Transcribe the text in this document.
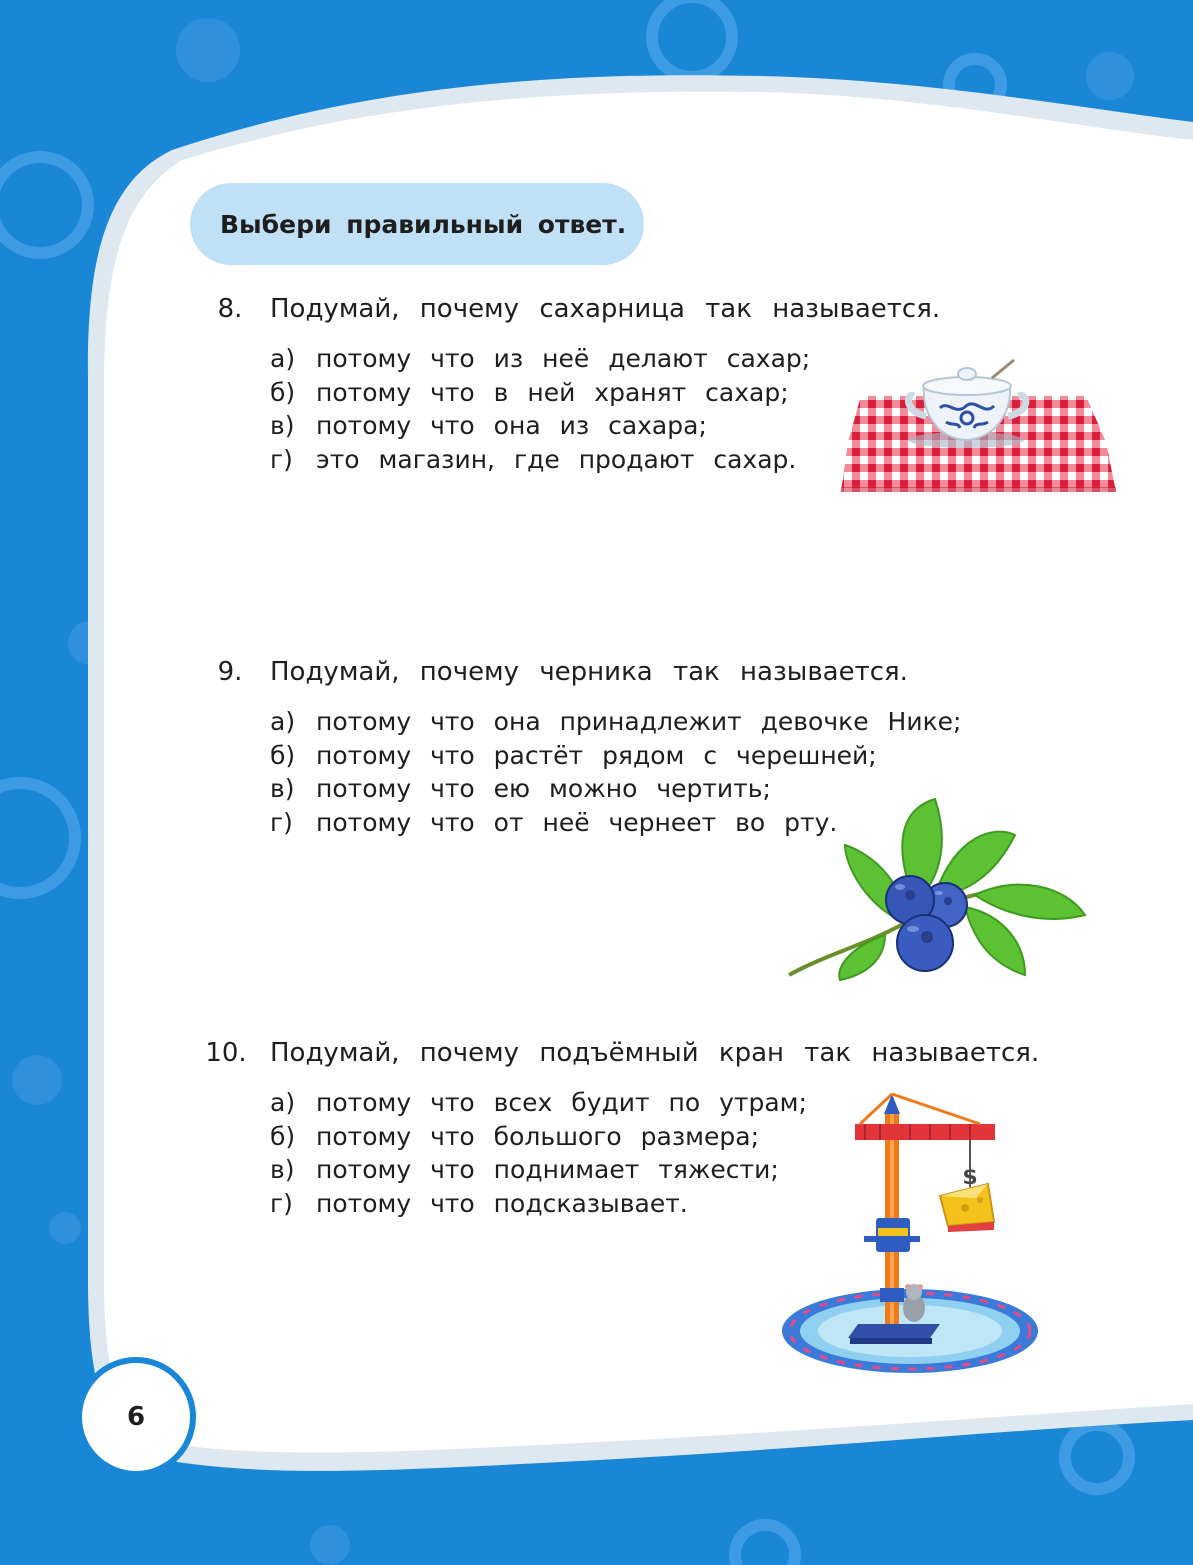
Выбери правильный ответ.
8. Подумай, почему сахарница так называется.
а) потому что из неё делают сахар;
б) потому что в ней хранят сахар;
в) потому что она из сахара;
г) это магазин, где продают сахар.
9. Подумай, почему черника так называется.
а) потому что она принадлежит девочке Нике;
б) потому что растёт рядом с черешней;
в) потому что ею можно чертить;
г) потому что от неё чернеет во рту.
10. Подумай, почему подъёмный кран так называется.
а) потому что всех будит по утрам;
б) потому что большого размера;
в) потому что поднимает тяжести;
г) потому что подсказывает.
$
6
